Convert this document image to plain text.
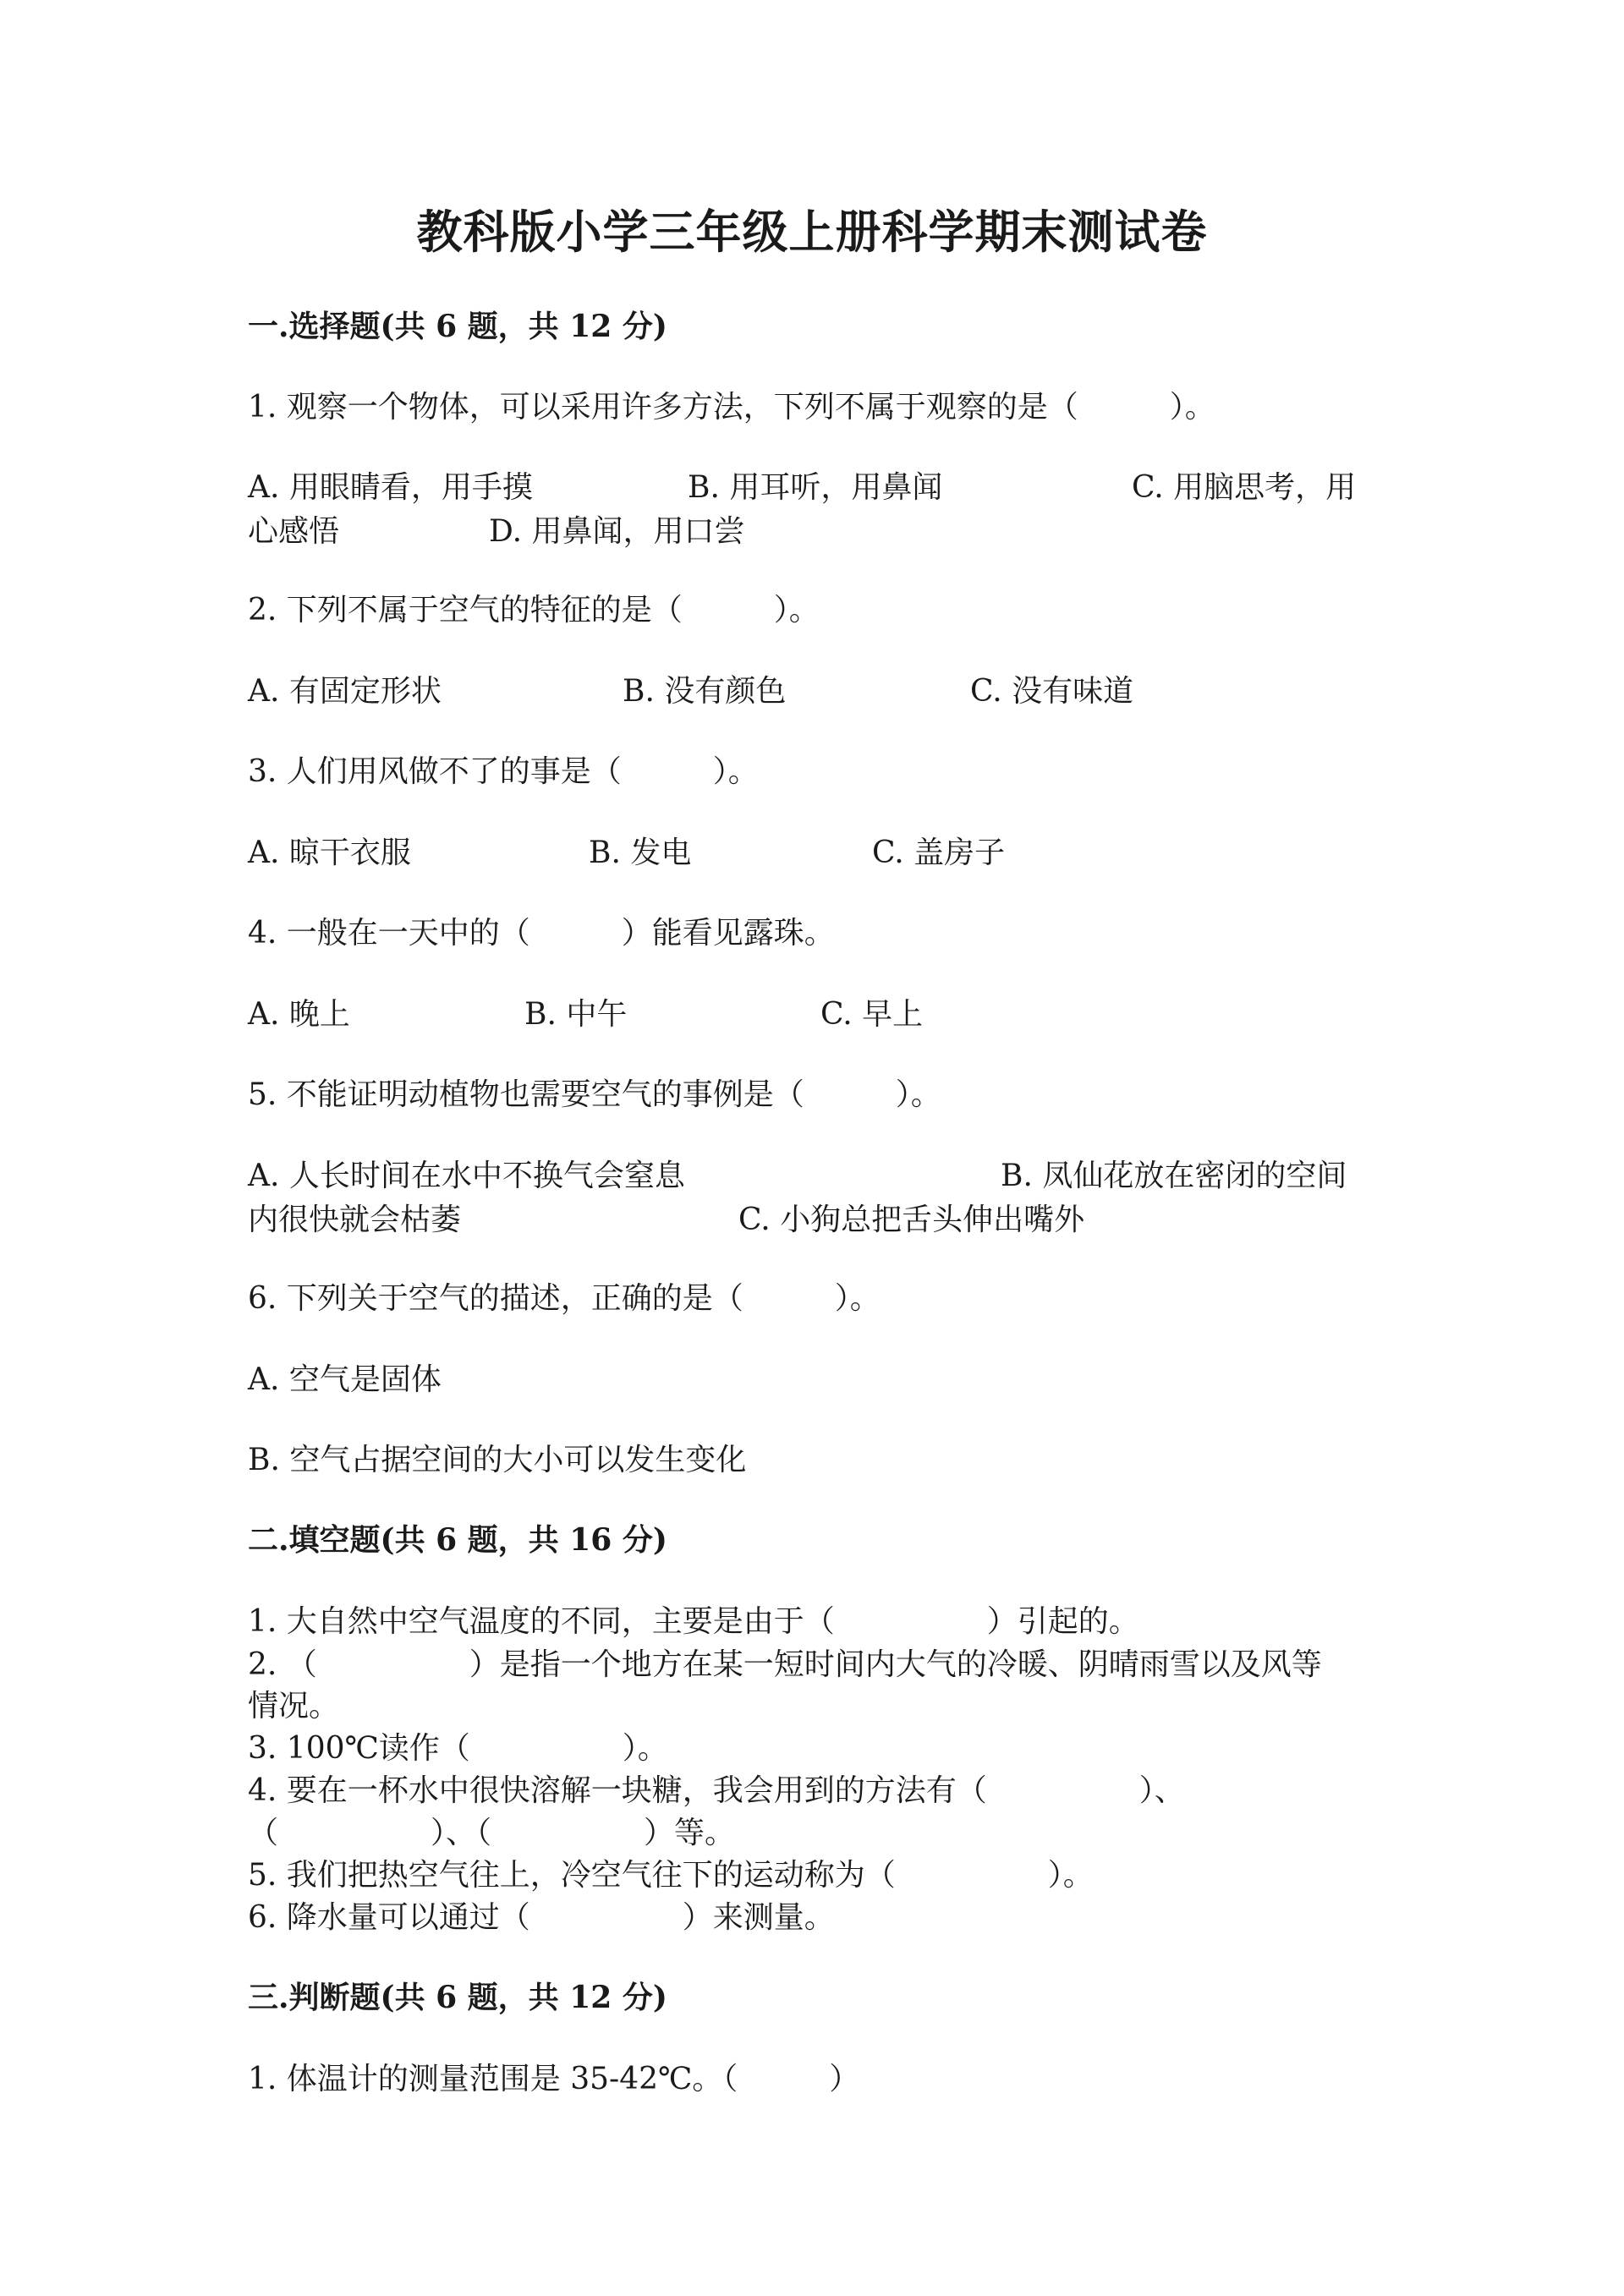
教科版小学三年级上册科学期末测试卷
一.选择题(共 6 题，共 12 分)
1. 观察一个物体，可以采用许多方法，下列不属于观察的是（　　　）。
A. 用眼睛看，用手摸	B. 用耳听，用鼻闻	C. 用脑思考，用
心感悟	D. 用鼻闻，用口尝
2. 下列不属于空气的特征的是（　　　）。
A. 有固定形状	B. 没有颜色	C. 没有味道
3. 人们用风做不了的事是（　　　）。
A. 晾干衣服	B. 发电	C. 盖房子
4. 一般在一天中的（　　　）能看见露珠。
A. 晚上	B. 中午	C. 早上
5. 不能证明动植物也需要空气的事例是（　　　）。
A. 人长时间在水中不换气会窒息	B. 凤仙花放在密闭的空间
内很快就会枯萎	C. 小狗总把舌头伸出嘴外
6. 下列关于空气的描述，正确的是（　　　）。
A. 空气是固体
B. 空气占据空间的大小可以发生变化
二.填空题(共 6 题，共 16 分)
1. 大自然中空气温度的不同，主要是由于（　　　　　）引起的。
2. （　　　　　）是指一个地方在某一短时间内大气的冷暖、阴晴雨雪以及风等
情况。
3. 100℃读作（　　　　　）。
4. 要在一杯水中很快溶解一块糖，我会用到的方法有（　　　　　）、
（　　　　　）、（　　　　　）等。
5. 我们把热空气往上，冷空气往下的运动称为（　　　　　）。
6. 降水量可以通过（　　　　　）来测量。
三.判断题(共 6 题，共 12 分)
1. 体温计的测量范围是 35-42℃。（　　　）
